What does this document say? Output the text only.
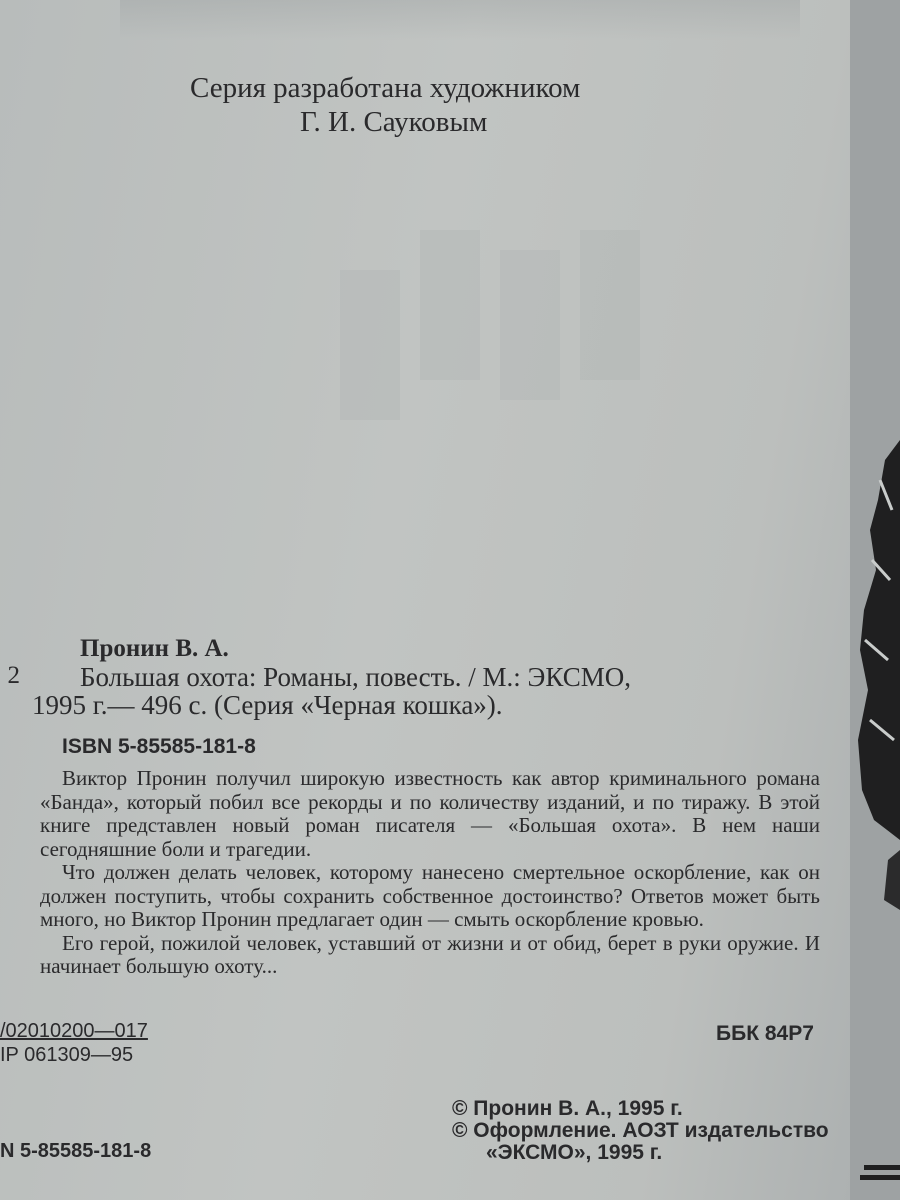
Серия разработана художником
Г. И. Сауковым
Пронин В. А.
2 Большая охота: Романы, повесть. / М.: ЭКСМО,
1995 г.— 496 с. (Серия «Черная кошка»).
ISBN 5-85585-181-8

Виктор Пронин получил широкую известность как автор криминального романа «Банда», который побил все рекорды и по количеству изданий, и по тиражу. В этой книге представлен новый роман писателя — «Большая охота». В нем наши сегодняшние боли и трагедии.

Что должен делать человек, которому нанесено смертельное оскорбление, как он должен поступить, чтобы сохранить собственное достоинство? Ответов может быть много, но Виктор Пронин предлагает один — смыть оскорбление кровью.

Его герой, пожилой человек, уставший от жизни и от обид, берет в руки оружие. И начинает большую охоту...

/02010200—017
IP 061309—95
ББК 84Р7
© Пронин В. А., 1995 г.
© Оформление. АОЗТ издательство
«ЭКСМО», 1995 г.
N 5-85585-181-8
